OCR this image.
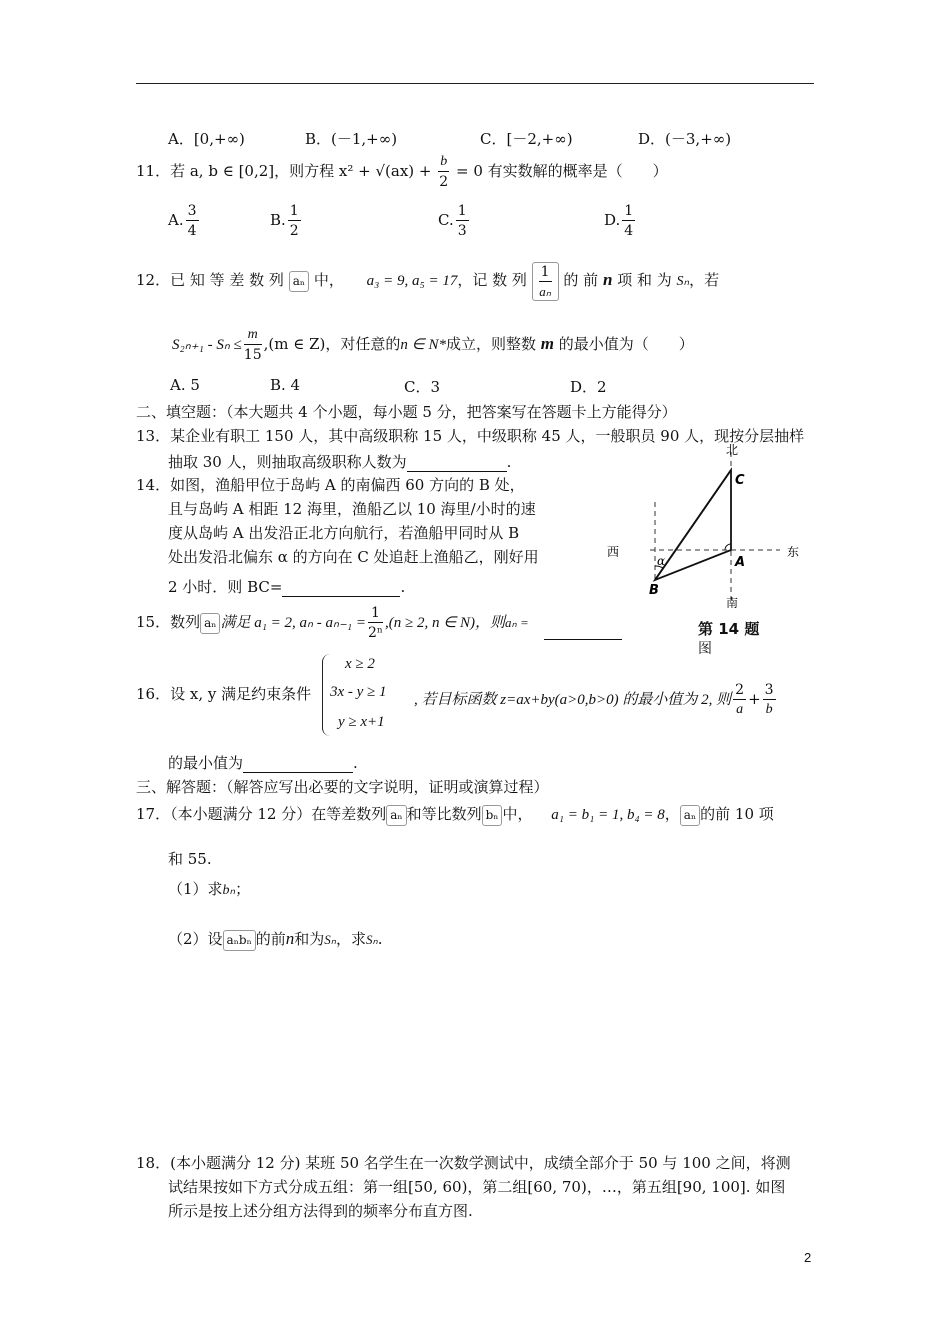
A．[0,+∞)	B．(－1,+∞)	C．[－2,+∞)	D．(－3,+∞)
11．若 a, b ∈ [0,2]，则方程 $x^2 + √(ax) + \frac{b}{2} = 0$ 有实数解的概率是（　　）
A. $\frac{3}{4}$	B. $\frac{1}{2}$	C. $\frac{1}{3}$	D. $\frac{1}{4}$
12．已 知 等 差 数 列 aₙ 中， a₃ = 9, a₅ = 17，记 数 列 $\frac{1}{\text{aₙ}}$ 的 前 n 项 和 为 Sₙ，若
$S_{2n+1} - S_n \le \frac{m}{15} ,(m$ ∈ Z)，对任意的n ∈ N*成立，则整数 m 的最小值为（　　）
A. 5	B. 4	C．3	D．2
二、填空题：（本大题共 4 个小题，每小题 5 分，把答案写在答题卡上方能得分）
13．某企业有职工 150 人，其中高级职称 15 人，中级职称 45 人，一般职员 90 人，现按分层抽样
抽取 30 人，则抽取高级职称人数为	.
14．如图，渔船甲位于岛屿 A 的南偏西 60 方向的 B 处，
且与岛屿 A 相距 12 海里，渔船乙以 10 海里/小时的速
度从岛屿 A 出发沿正北方向航行，若渔船甲同时从 B
处出发沿北偏东 α 的方向在 C 处追赶上渔船乙，刚好用
2 小时．则 BC=	.
北
南
西	东
C
A
B
α
第 14 题
图
15．数列 aₙ 满足 a₁ = 2, $a_n - a_{n-1} = \frac{1}{\text{2ⁿ}} ,(n \ge 2$, n ∈ N)，则aₙ =
16．设 x, y 满足约束条件
x ≥ 2
3x - y ≥ 1
y ≥ x+1
, 若目标函数 z=ax+by(a>0,b>0) 的最小值为 2, 则 $\frac{2}{a} + \frac{3}{b}$
的最小值为	.
三、解答题：（解答应写出必要的文字说明，证明或演算过程）
17．（本小题满分 12 分）在等差数列 aₙ 和等比数列 bₙ 中， a₁ = b₁ = 1, b₄ = 8， aₙ 的前 10 项
和 55.
（1）求bₙ；
（2）设 aₙbₙ 的前n和为Sₙ，求Sₙ.
18．(本小题满分 12 分) 某班 50 名学生在一次数学测试中，成绩全部介于 50 与 100 之间，将测
试结果按如下方式分成五组：第一组[50, 60)，第二组[60, 70)，…，第五组[90, 100]. 如图
所示是按上述分组方法得到的频率分布直方图.
2
